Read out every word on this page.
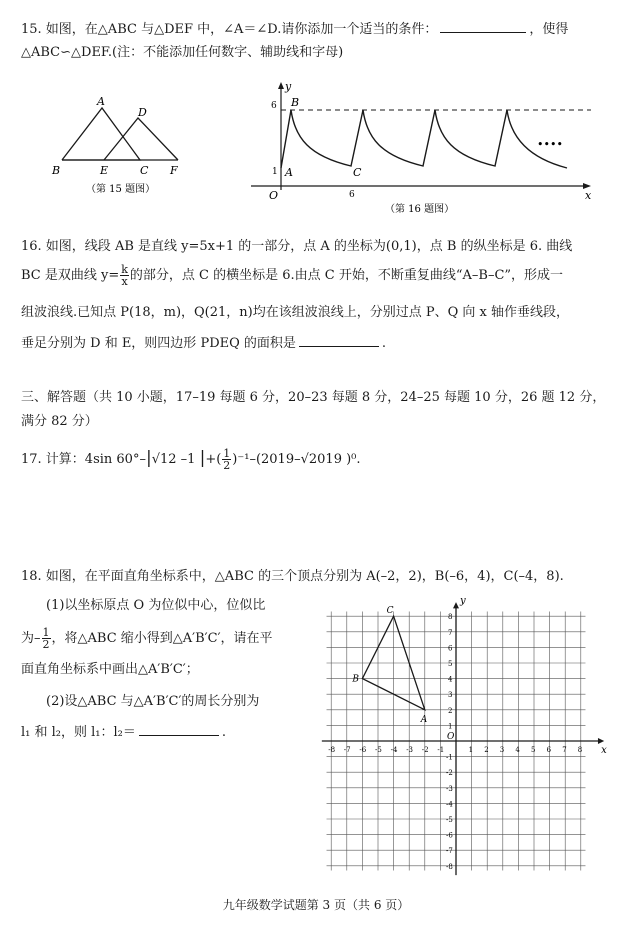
15. 如图，在△ABC 与△DEF 中，∠A＝∠D.请你添加一个适当的条件：	，使得
△ABC∽△DEF.(注：不能添加任何数字、辅助线和字母)
A
B	C
D
E	F
（第 15 题图）
y
x
O
6
1
6
B
A	C
••••
（第 16 题图）
16. 如图，线段 AB 是直线 y=5x+1 的一部分，点 A 的坐标为(0,1)，点 B 的纵坐标是 6. 曲线
BC 是双曲线 $y= \frac{k}{x}$ 的部分，点 C 的横坐标是 6.由点 C 开始，不断重复曲线“A–B–C”，形成一
组波浪线.已知点 P(18，m)，Q(21，n)均在该组波浪线上，分别过点 P、Q 向 x 轴作垂线段，
垂足分别为 D 和 E，则四边形 PDEQ 的面积是	.
三、解答题（共 10 小题，17–19 每题 6 分，20–23 每题 8 分，24–25 每题 10 分，26 题 12 分，
满分 82 分）
17. 计算：4sin 60°–|√12 –1 |+( $\frac{1}{2} )^{-1}-(2019-√2019$ )⁰.
18. 如图，在平面直角坐标系中，△ABC 的三个顶点分别为 A(–2，2)，B(–6，4)，C(–4，8).
(1)以坐标原点 O 为位似中心，位似比
为– $\frac{1}{2}$ ，将△ABC 缩小得到△A′B′C′，请在平
面直角坐标系中画出△A′B′C′；
(2)设△ABC 与△A′B′C′的周长分别为
l₁ 和 l₂，则 l₁：l₂＝	.
-8 -7 -6 -5 -4 -3 -2 -1	1 2 3 4 5 6 7 8
1
2
3
4
5
6
7
8
-1
-2
-3
-4
-5
-6
-7
-8
x
y
O
A
B
C
九年级数学试题第 3 页（共 6 页）
